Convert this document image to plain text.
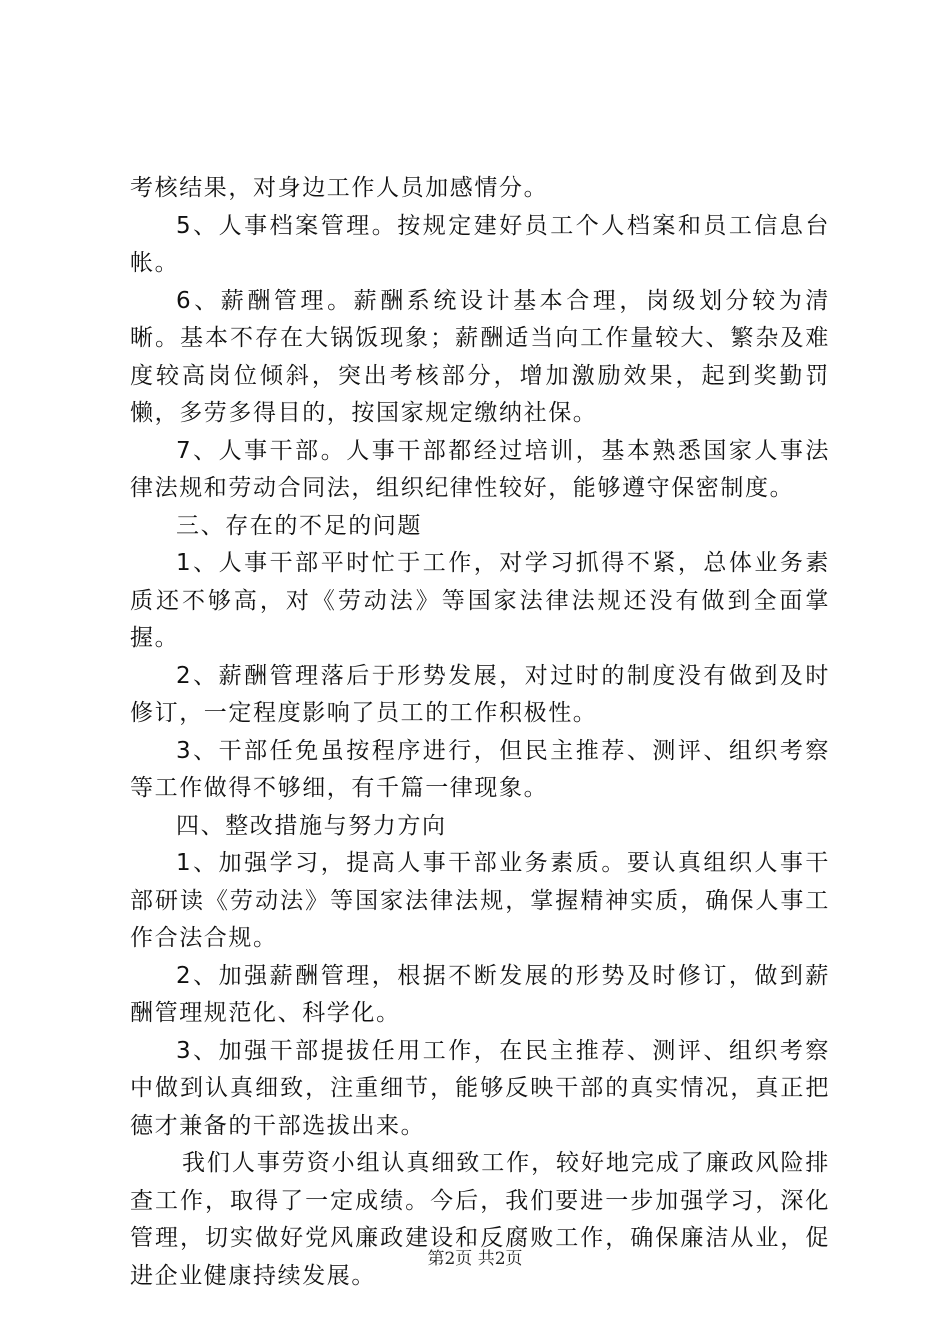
考核结果，对身边工作人员加感情分。

5、人事档案管理。按规定建好员工个人档案和员工信息台帐。

6、薪酬管理。薪酬系统设计基本合理，岗级划分较为清晰。基本不存在大锅饭现象；薪酬适当向工作量较大、繁杂及难度较高岗位倾斜，突出考核部分，增加激励效果，起到奖勤罚懒，多劳多得目的，按国家规定缴纳社保。

7、人事干部。人事干部都经过培训，基本熟悉国家人事法律法规和劳动合同法，组织纪律性较好，能够遵守保密制度。

三、存在的不足的问题

1、人事干部平时忙于工作，对学习抓得不紧，总体业务素质还不够高，对《劳动法》等国家法律法规还没有做到全面掌握。

2、薪酬管理落后于形势发展，对过时的制度没有做到及时修订，一定程度影响了员工的工作积极性。

3、干部任免虽按程序进行，但民主推荐、测评、组织考察等工作做得不够细，有千篇一律现象。

四、整改措施与努力方向

1、加强学习，提高人事干部业务素质。要认真组织人事干部研读《劳动法》等国家法律法规，掌握精神实质，确保人事工作合法合规。

2、加强薪酬管理，根据不断发展的形势及时修订，做到薪酬管理规范化、科学化。

3、加强干部提拔任用工作，在民主推荐、测评、组织考察中做到认真细致，注重细节，能够反映干部的真实情况，真正把德才兼备的干部选拔出来。

我们人事劳资小组认真细致工作，较好地完成了廉政风险排查工作，取得了一定成绩。今后，我们要进一步加强学习，深化管理，切实做好党风廉政建设和反腐败工作，确保廉洁从业，促进企业健康持续发展。

第2页 共2页
